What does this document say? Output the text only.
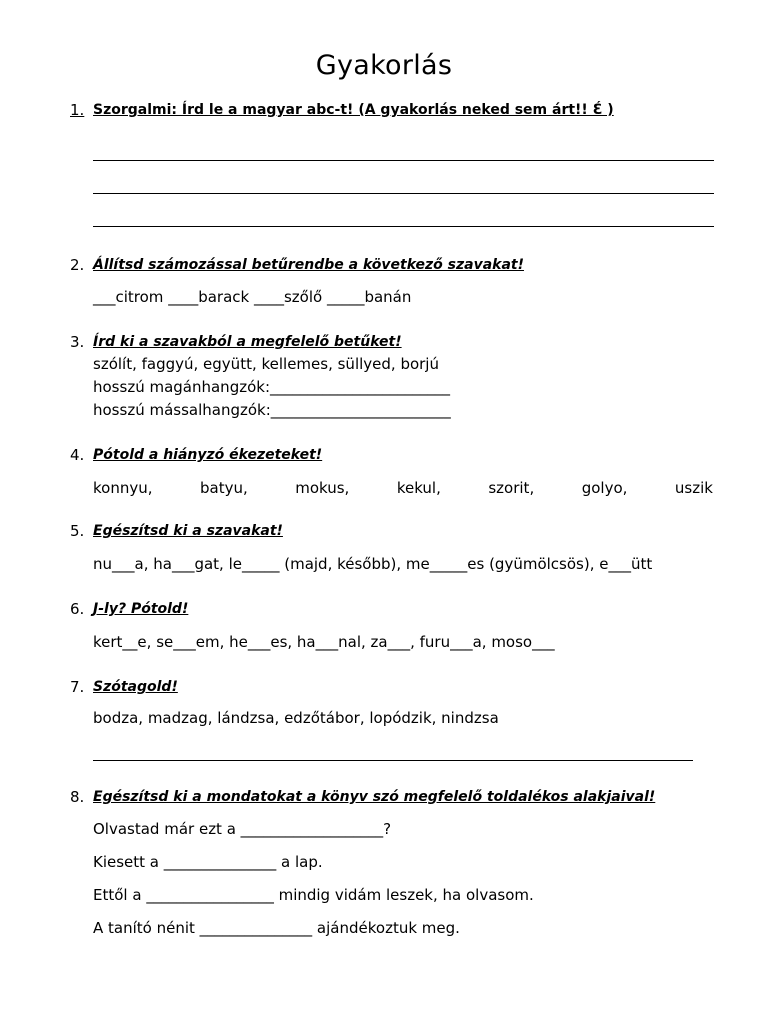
Gyakorlás
1. Szorgalmi: Írd le a magyar abc-t! (A gyakorlás neked sem árt!! Ɛ́ )
2. Állítsd számozással betűrendbe a következő szavakat!
___citrom ____barack ____szőlő _____banán
3. Írd ki a szavakból a megfelelő betűket!
szólít, faggyú, együtt, kellemes, süllyed, borjú
hosszú magánhangzók:________________________
hosszú mássalhangzók:________________________
4. Pótold a hiányzó ékezeteket!
konnyu,	batyu,	mokus,	kekul,	szorit,	golyo,	uszik
5. Egészítsd ki a szavakat!
nu___a, ha___gat, le_____ (majd, később), me_____es (gyümölcsös), e___ütt
6. J-ly? Pótold!
kert__e, se___em, he___es, ha___nal, za___, furu___a, moso___
7. Szótagold!
bodza, madzag, lándzsa, edzőtábor, lopódzik, nindzsa
8. Egészítsd ki a mondatokat a könyv szó megfelelő toldalékos alakjaival!
Olvastad már ezt a ___________________?
Kiesett a _______________ a lap.
Ettől a _________________ mindig vidám leszek, ha olvasom.
A tanító nénit _______________ ajándékoztuk meg.
